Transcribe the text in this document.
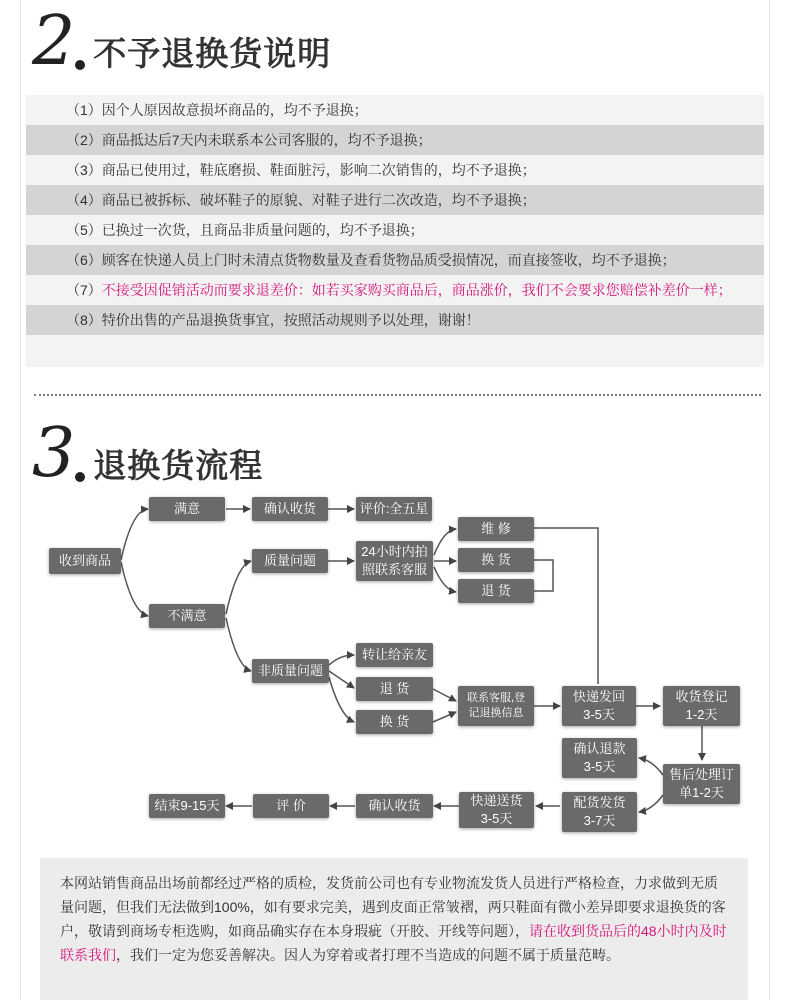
2 不予退换货说明
（1）因个人原因故意损坏商品的，均不予退换；
（2）商品抵达后7天内未联系本公司客服的，均不予退换；
（3）商品已使用过，鞋底磨损、鞋面脏污，影响二次销售的，均不予退换；
（4）商品已被拆标、破坏鞋子的原貌、对鞋子进行二次改造，均不予退换；
（5）已换过一次货，且商品非质量问题的，均不予退换；
（6）顾客在快递人员上门时未清点货物数量及查看货物品质受损情况，而直接签收，均不予退换；
（7）不接受因促销活动而要求退差价：如若买家购买商品后，商品涨价，我们不会要求您赔偿补差价一样；
（8）特价出售的产品退换货事宜，按照活动规则予以处理，谢谢！
3 退换货流程
收到商品
满意	确认收货	评价:全五星
不满意
质量问题
24小时内拍
照联系客服
维 修
换 货
退 货
非质量问题
转让给亲友
退 货
换 货
联系客服,登
记退换信息
快递发回
3-5天
收货登记
1-2天
售后处理订
单1-2天
确认退款
3-5天
配货发货
3-7天
快递送货
3-5天
确认收货
评 价
结束9-15天

本网站销售商品出场前都经过严格的质检，发货前公司也有专业物流发货人员进行严格检查，力求做到无质量问题，但我们无法做到100%，如有要求完美，遇到皮面正常皱褶，两只鞋面有微小差异即要求退换货的客户，敬请到商场专柜选购，如商品确实存在本身瑕疵（开胶、开线等问题），请在收到货品后的48小时内及时联系我们，我们一定为您妥善解决。因人为穿着或者打理不当造成的问题不属于质量范畴。
